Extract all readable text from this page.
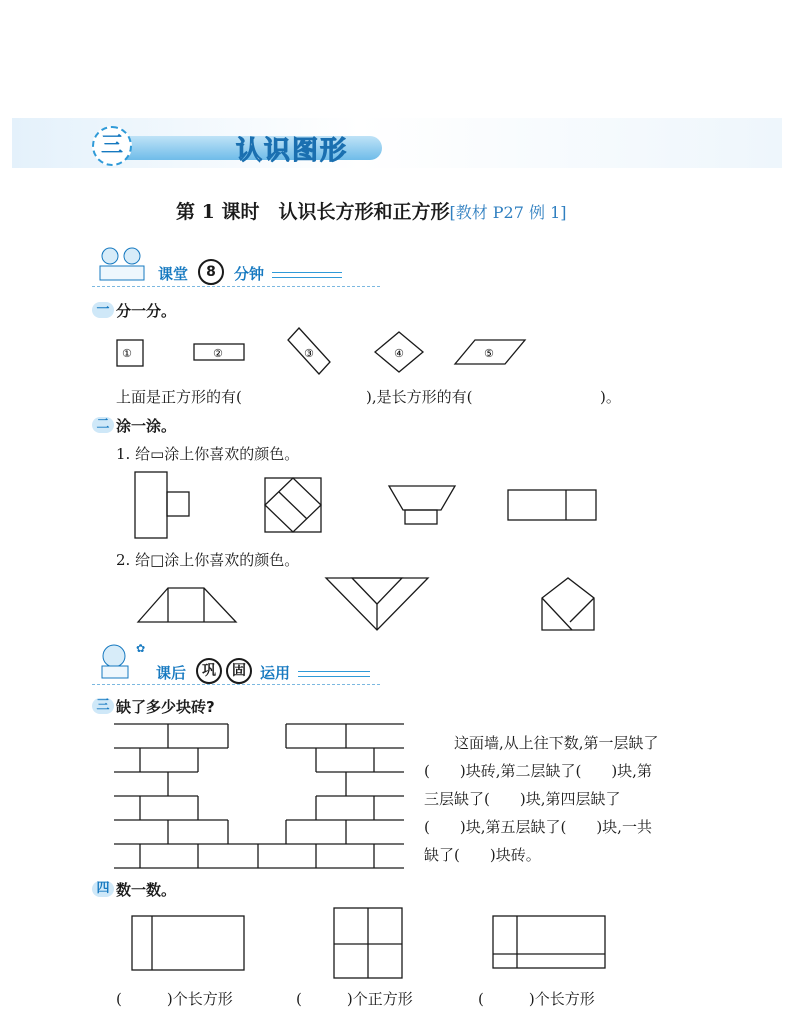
三	认识图形
第 1 课时　认识长方形和正方形[教材 P27 例 1]
课堂	8	分钟
一 分一分。
①	②	③	④	⑤
上面是正方形的有(	),是长方形的有(	)。
二 涂一涂。
1. 给▭涂上你喜欢的颜色。
2. 给□涂上你喜欢的颜色。
✿
课后	巩	固 运用
三 缺了多少块砖?
　　这面墙,从上往下数,第一层缺了
(　　)块砖,第二层缺了(　　)块,第
三层缺了(　　)块,第四层缺了
(　　)块,第五层缺了(　　)块,一共
缺了(　　)块砖。
四 数一数。
(　　　)个长方形	(　　　)个正方形	(　　　)个长方形
